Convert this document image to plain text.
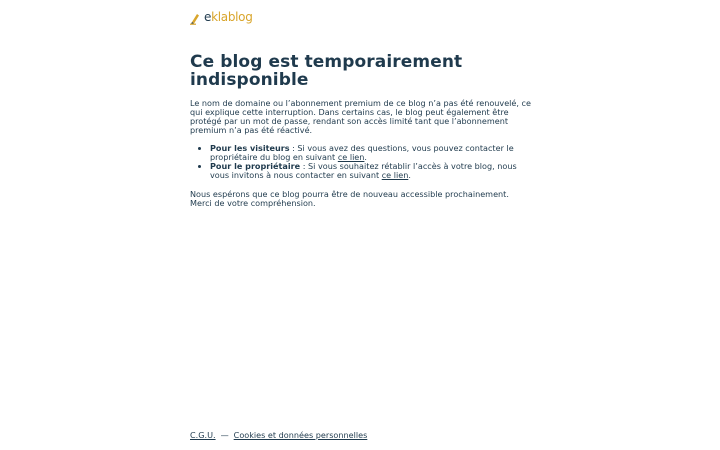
eklablog
Ce blog est temporairement indisponible

Le nom de domaine ou l’abonnement premium de ce blog n’a pas été renouvelé, ce qui explique cette interruption. Dans certains cas, le blog peut également être protégé par un mot de passe, rendant son accès limité tant que l’abonnement premium n’a pas été réactivé.

• Pour les visiteurs : Si vous avez des questions, vous pouvez contacter le propriétaire du blog en suivant ce lien.
• Pour le propriétaire : Si vous souhaitez rétablir l’accès à votre blog, nous vous invitons à nous contacter en suivant ce lien.

Nous espérons que ce blog pourra être de nouveau accessible prochainement. Merci de votre compréhension.

C.G.U. — Cookies et données personnelles
